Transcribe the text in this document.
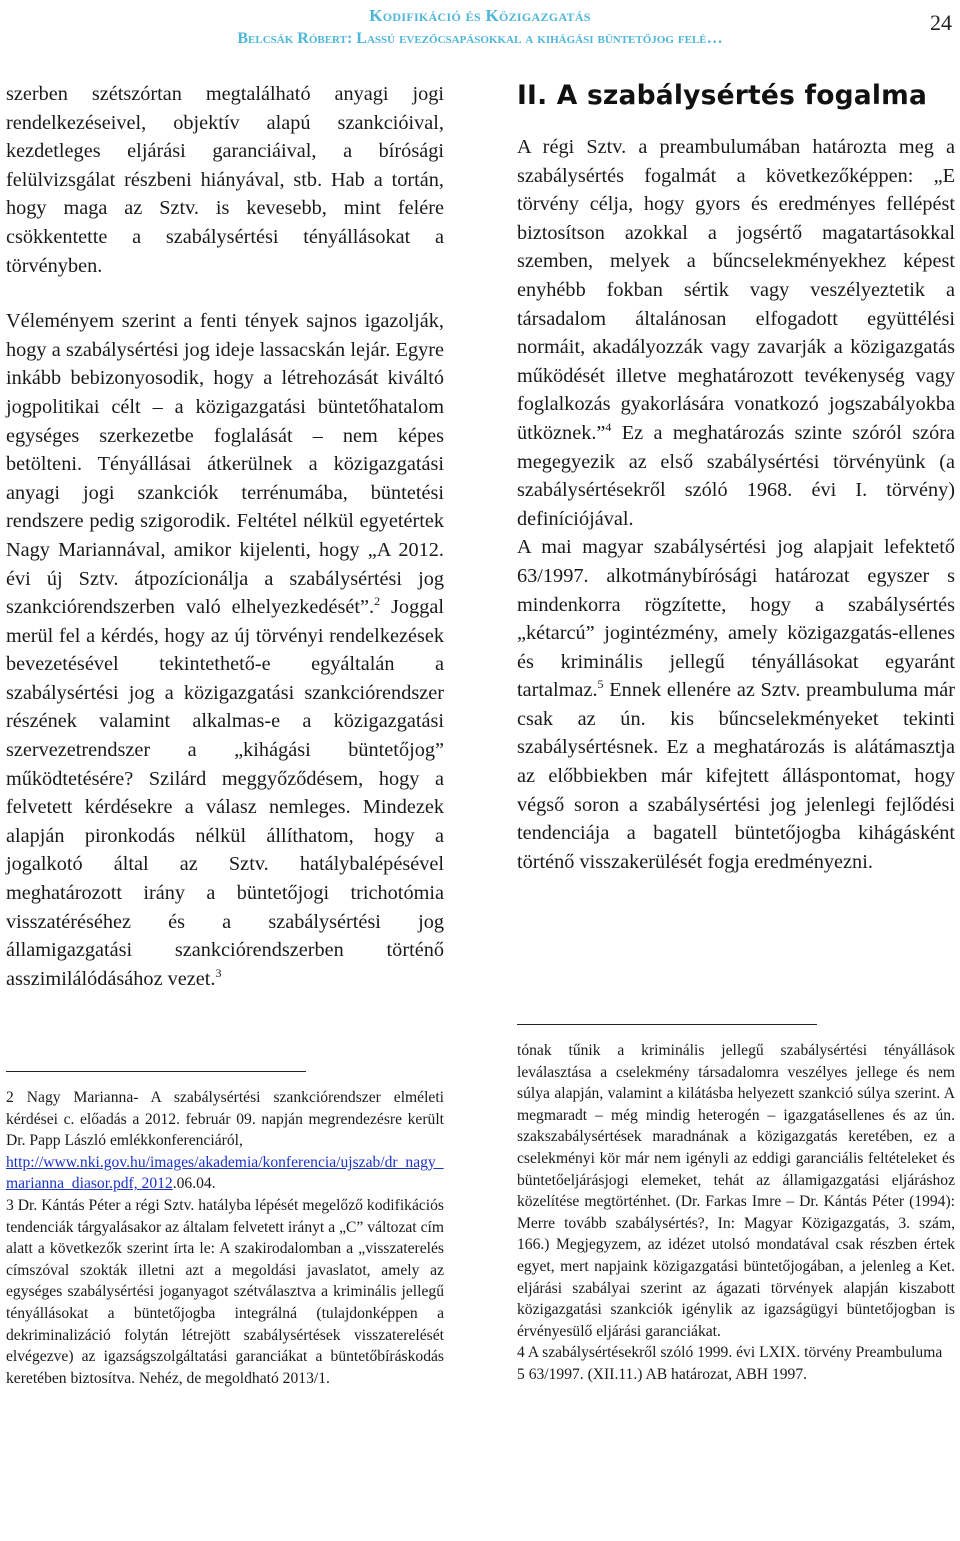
Kodifikáció és Közigazgatás
Belcsák Róbert: Lassú evezőcsapásokkal a kihágási büntetőjog felé…
24

szerben szétszórtan megtalálható anyagi jogi rendelkezéseivel, objektív alapú szankcióival, kezdetleges eljárási garanciáival, a bírósági felülvizsgálat részbeni hiányával, stb. Hab a tortán, hogy maga az Sztv. is kevesebb, mint felére csökkentette a szabálysértési tényállásokat a törvényben.

Véleményem szerint a fenti tények sajnos igazolják, hogy a szabálysértési jog ideje lassacskán lejár. Egyre inkább bebizonyosodik, hogy a létrehozását kiváltó jogpolitikai célt – a közigazgatási büntetőhatalom egységes szerkezetbe foglalását – nem képes betölteni. Tényállásai átkerülnek a közigazgatási anyagi jogi szankciók terrénumába, büntetési rendszere pedig szigorodik. Feltétel nélkül egyetértek Nagy Mariannával, amikor kijelenti, hogy „A 2012. évi új Sztv. átpozícionálja a szabálysértési jog szankciórendszerben való elhelyezkedését”.$^2$ Joggal merül fel a kérdés, hogy az új törvényi rendelkezések bevezetésével tekintethető-e egyáltalán a szabálysértési jog a közigazgatási szankciórendszer részének valamint alkalmas-e a közigazgatási szervezetrendszer a „kihágási büntetőjog” működtetésére? Szilárd meggyőződésem, hogy a felvetett kérdésekre a válasz nemleges. Mindezek alapján pironkodás nélkül állíthatom, hogy a jogalkotó által az Sztv. hatálybalépésével meghatározott irány a büntetőjogi trichotómia visszatéréséhez és a szabálysértési jog államigazgatási szankciórendszerben történő asszimilálódásához vezet.$^3$

II. A szabálysértés fogalma

A régi Sztv. a preambulumában határozta meg a szabálysértés fogalmát a következőképpen: „E törvény célja, hogy gyors és eredményes fellépést biztosítson azokkal a jogsértő magatartásokkal szemben, melyek a bűncselekményekhez képest enyhébb fokban sértik vagy veszélyeztetik a társadalom általánosan elfogadott együttélési normáit, akadályozzák vagy zavarják a közigazgatás működését illetve meghatározott tevékenység vagy foglalkozás gyakorlására vonatkozó jogszabályokba ütköznek.”$^4$ Ez a meghatározás szinte szóról szóra megegyezik az első szabálysértési törvényünk (a szabálysértésekről szóló 1968. évi I. törvény) definíciójával.

A mai magyar szabálysértési jog alapjait lefektető 63/1997. alkotmánybírósági határozat egyszer s mindenkorra rögzítette, hogy a szabálysértés „kétarcú” jogintézmény, amely közigazgatás-ellenes és kriminális jellegű tényállásokat egyaránt tartalmaz.$^5$ Ennek ellenére az Sztv. preambuluma már csak az ún. kis bűncselekményeket tekinti szabálysértésnek. Ez a meghatározás is alátámasztja az előbbiekben már kifejtett álláspontomat, hogy végső soron a szabálysértési jog jelenlegi fejlődési tendenciája a bagatell büntetőjogba kihágásként történő visszakerülését fogja eredményezni.

2 Nagy Marianna- A szabálysértési szankciórendszer elméleti kérdései c. előadás a 2012. február 09. napján megrendezésre került Dr. Papp László emlékkonferenciáról,
http://www.nki.gov.hu/images/akademia/konferencia/ujszab/dr_nagy_marianna_diasor.pdf, 2012.06.04.

3 Dr. Kántás Péter a régi Sztv. hatályba lépését megelőző kodifikációs tendenciák tárgyalásakor az általam felvetett irányt a „C” változat cím alatt a következők szerint írta le: A szakirodalomban a „visszaterelés címszóval szokták illetni azt a megoldási javaslatot, amely az egységes szabálysértési joganyagot szétválasztva a kriminális jellegű tényállásokat a büntetőjogba integrálná (tulajdonképpen a dekriminalizáció folytán létrejött szabálysértések visszaterelését elvégezve) az igazságszolgáltatási garanciákat a büntetőbíráskodás keretében biztosítva. Nehéz, de megoldható 2013/1.

tónak tűnik a kriminális jellegű szabálysértési tényállások leválasztása a cselekmény társadalomra veszélyes jellege és nem súlya alapján, valamint a kilátásba helyezett szankció súlya szerint. A megmaradt – még mindig heterogén – igazgatásellenes és az ún. szakszabálysértések maradnának a közigazgatás keretében, ez a cselekményi kör már nem igényli az eddigi garanciális feltételeket és büntetőeljárásjogi elemeket, tehát az államigazgatási eljáráshoz közelítése megtörténhet. (Dr. Farkas Imre – Dr. Kántás Péter (1994): Merre tovább szabálysértés?, In: Magyar Közigazgatás, 3. szám, 166.) Megjegyzem, az idézet utolsó mondatával csak részben értek egyet, mert napjaink közigazgatási büntetőjogában, a jelenleg a Ket. eljárási szabályai szerint az ágazati törvények alapján kiszabott közigazgatási szankciók igénylik az igazságügyi büntetőjogban is érvényesülő eljárási garanciákat.

4 A szabálysértésekről szóló 1999. évi LXIX. törvény Preambuluma

5 63/1997. (XII.11.) AB határozat, ABH 1997.
